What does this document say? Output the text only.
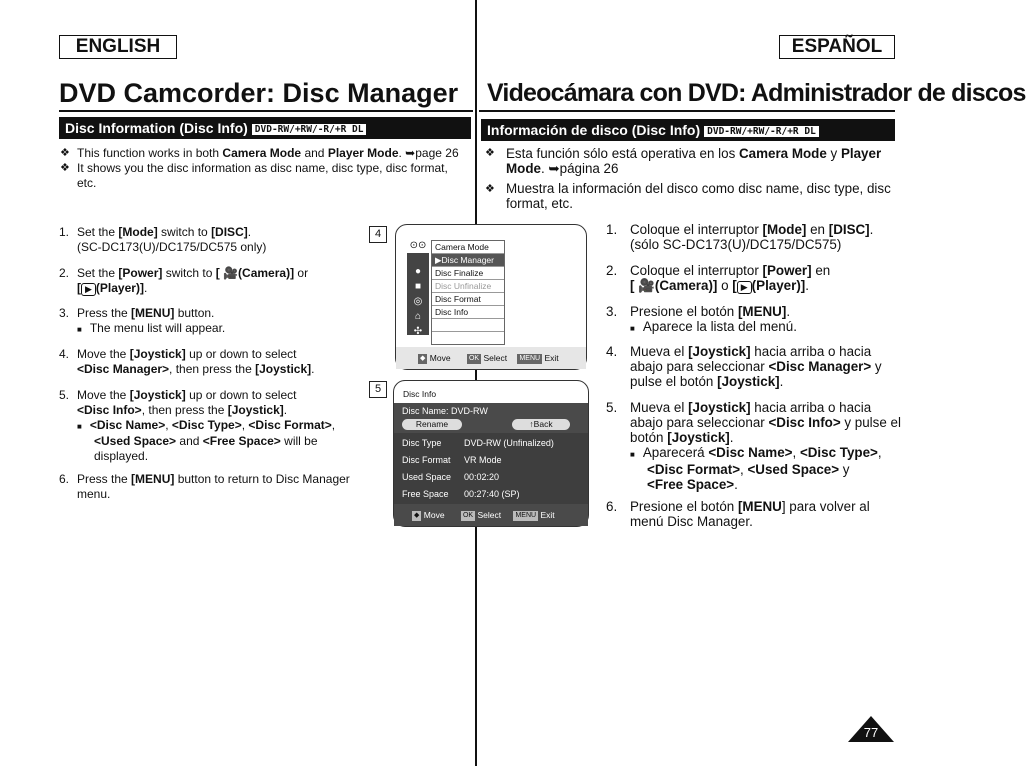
ENGLISH	ESPAÑOL
DVD Camcorder: Disc Manager Videocámara con DVD: Administrador de discos
Disc Information (Disc Info) DVD-RW/+RW/-R/+R DL	Información de disco (Disc Info) DVD-RW/+RW/-R/+R DL
❖ This function works in both Camera Mode and Player Mode. ➥page 26
❖ It shows you the disc information as disc name, disc type, disc format,
etc.
1. Set the [Mode] switch to [DISC].
(SC-DC173(U)/DC175/DC575 only)
2. Set the [Power] switch to [ 🎥(Camera)] or
[ ▶ (Player)].
3. Press the [MENU] button.
■ The menu list will appear.
4. Move the [Joystick] up or down to select
<Disc Manager>, then press the [Joystick].
5. Move the [Joystick] up or down to select
<Disc Info>, then press the [Joystick].
■ <Disc Name>, <Disc Type>, <Disc Format>,
<Used Space> and <Free Space> will be
displayed.
6. Press the [MENU] button to return to Disc Manager
menu.
4
⊙⊙
●
■
◎
⌂
✣
Camera Mode
▶Disc Manager
Disc Finalize
Disc Unfinalize
Disc Format
Disc Info
◆ Move	OK Select MENU Exit
5	Disc Info
Disc Name: DVD-RW
Rename	↑Back
Disc Type	DVD-RW (Unfinalized)
Disc Format VR Mode
Used Space 00:02:20
Free Space 00:27:40 (SP)
◆ Move	OK Select MENU Exit
❖ Esta función sólo está operativa en los Camera Mode y Player
Mode. ➥página 26
❖ Muestra la información del disco como disc name, disc type, disc
format, etc.
1. Coloque el interruptor [Mode] en [DISC].
(sólo SC-DC173(U)/DC175/DC575)
2. Coloque el interruptor [Power] en
[ 🎥(Camera)] o [ ▶ (Player)].
3. Presione el botón [MENU].
■ Aparece la lista del menú.
4. Mueva el [Joystick] hacia arriba o hacia
abajo para seleccionar <Disc Manager> y
pulse el botón [Joystick].
5. Mueva el [Joystick] hacia arriba o hacia
abajo para seleccionar <Disc Info> y pulse el
botón [Joystick].
■ Aparecerá <Disc Name>, <Disc Type>,
<Disc Format>, <Used Space> y
<Free Space>.
6. Presione el botón [MENU] para volver al
menú Disc Manager.
77
